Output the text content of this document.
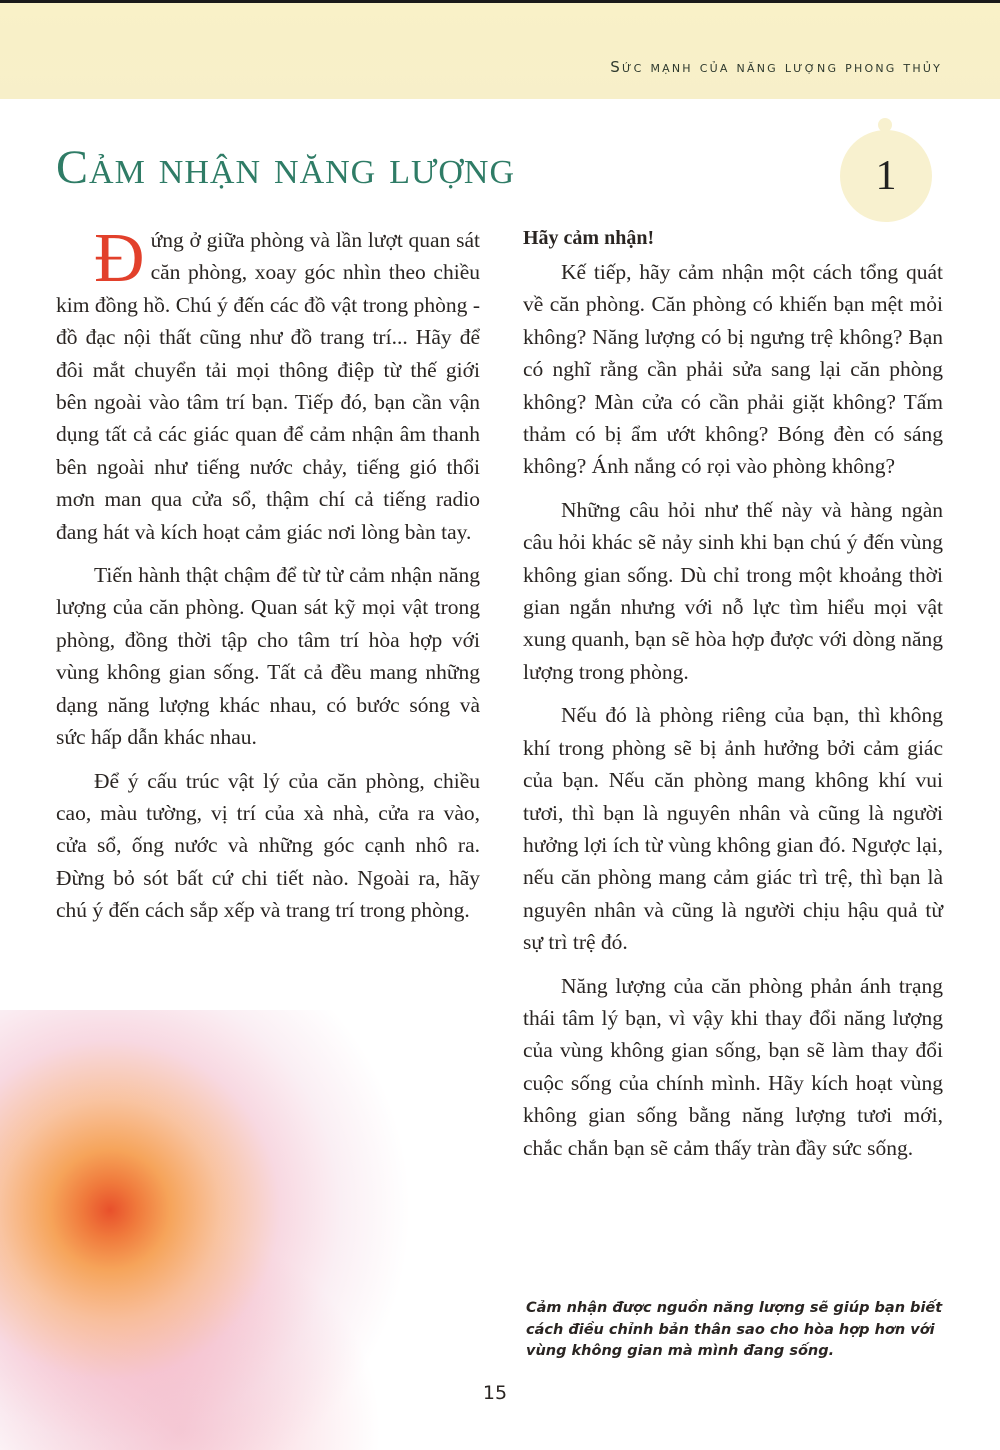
Sức mạnh của năng lượng phong thủy
Cảm nhận năng lượng	1

Đứng ở giữa phòng và lần lượt quan sát căn phòng, xoay góc nhìn theo chiều kim đồng hồ. Chú ý đến các đồ vật trong phòng - đồ đạc nội thất cũng như đồ trang trí... Hãy để đôi mắt chuyển tải mọi thông điệp từ thế giới bên ngoài vào tâm trí bạn. Tiếp đó, bạn cần vận dụng tất cả các giác quan để cảm nhận âm thanh bên ngoài như tiếng nước chảy, tiếng gió thổi mơn man qua cửa sổ, thậm chí cả tiếng radio đang hát và kích hoạt cảm giác nơi lòng bàn tay.

Tiến hành thật chậm để từ từ cảm nhận năng lượng của căn phòng. Quan sát kỹ mọi vật trong phòng, đồng thời tập cho tâm trí hòa hợp với vùng không gian sống. Tất cả đều mang những dạng năng lượng khác nhau, có bước sóng và sức hấp dẫn khác nhau.

Để ý cấu trúc vật lý của căn phòng, chiều cao, màu tường, vị trí của xà nhà, cửa ra vào, cửa sổ, ống nước và những góc cạnh nhô ra. Đừng bỏ sót bất cứ chi tiết nào. Ngoài ra, hãy chú ý đến cách sắp xếp và trang trí trong phòng.

Hãy cảm nhận!

Kế tiếp, hãy cảm nhận một cách tổng quát về căn phòng. Căn phòng có khiến bạn mệt mỏi không? Năng lượng có bị ngưng trệ không? Bạn có nghĩ rằng cần phải sửa sang lại căn phòng không? Màn cửa có cần phải giặt không? Tấm thảm có bị ẩm ướt không? Bóng đèn có sáng không? Ánh nắng có rọi vào phòng không?

Những câu hỏi như thế này và hàng ngàn câu hỏi khác sẽ nảy sinh khi bạn chú ý đến vùng không gian sống. Dù chỉ trong một khoảng thời gian ngắn nhưng với nỗ lực tìm hiểu mọi vật xung quanh, bạn sẽ hòa hợp được với dòng năng lượng trong phòng.

Nếu đó là phòng riêng của bạn, thì không khí trong phòng sẽ bị ảnh hưởng bởi cảm giác của bạn. Nếu căn phòng mang không khí vui tươi, thì bạn là nguyên nhân và cũng là người hưởng lợi ích từ vùng không gian đó. Ngược lại, nếu căn phòng mang cảm giác trì trệ, thì bạn là nguyên nhân và cũng là người chịu hậu quả từ sự trì trệ đó.

Năng lượng của căn phòng phản ánh trạng thái tâm lý bạn, vì vậy khi thay đổi năng lượng của vùng không gian sống, bạn sẽ làm thay đổi cuộc sống của chính mình. Hãy kích hoạt vùng không gian sống bằng năng lượng tươi mới, chắc chắn bạn sẽ cảm thấy tràn đầy sức sống.

Cảm nhận được nguồn năng lượng sẽ giúp bạn biết cách điều chỉnh bản thân sao cho hòa hợp hơn với vùng không gian mà mình đang sống.
15
